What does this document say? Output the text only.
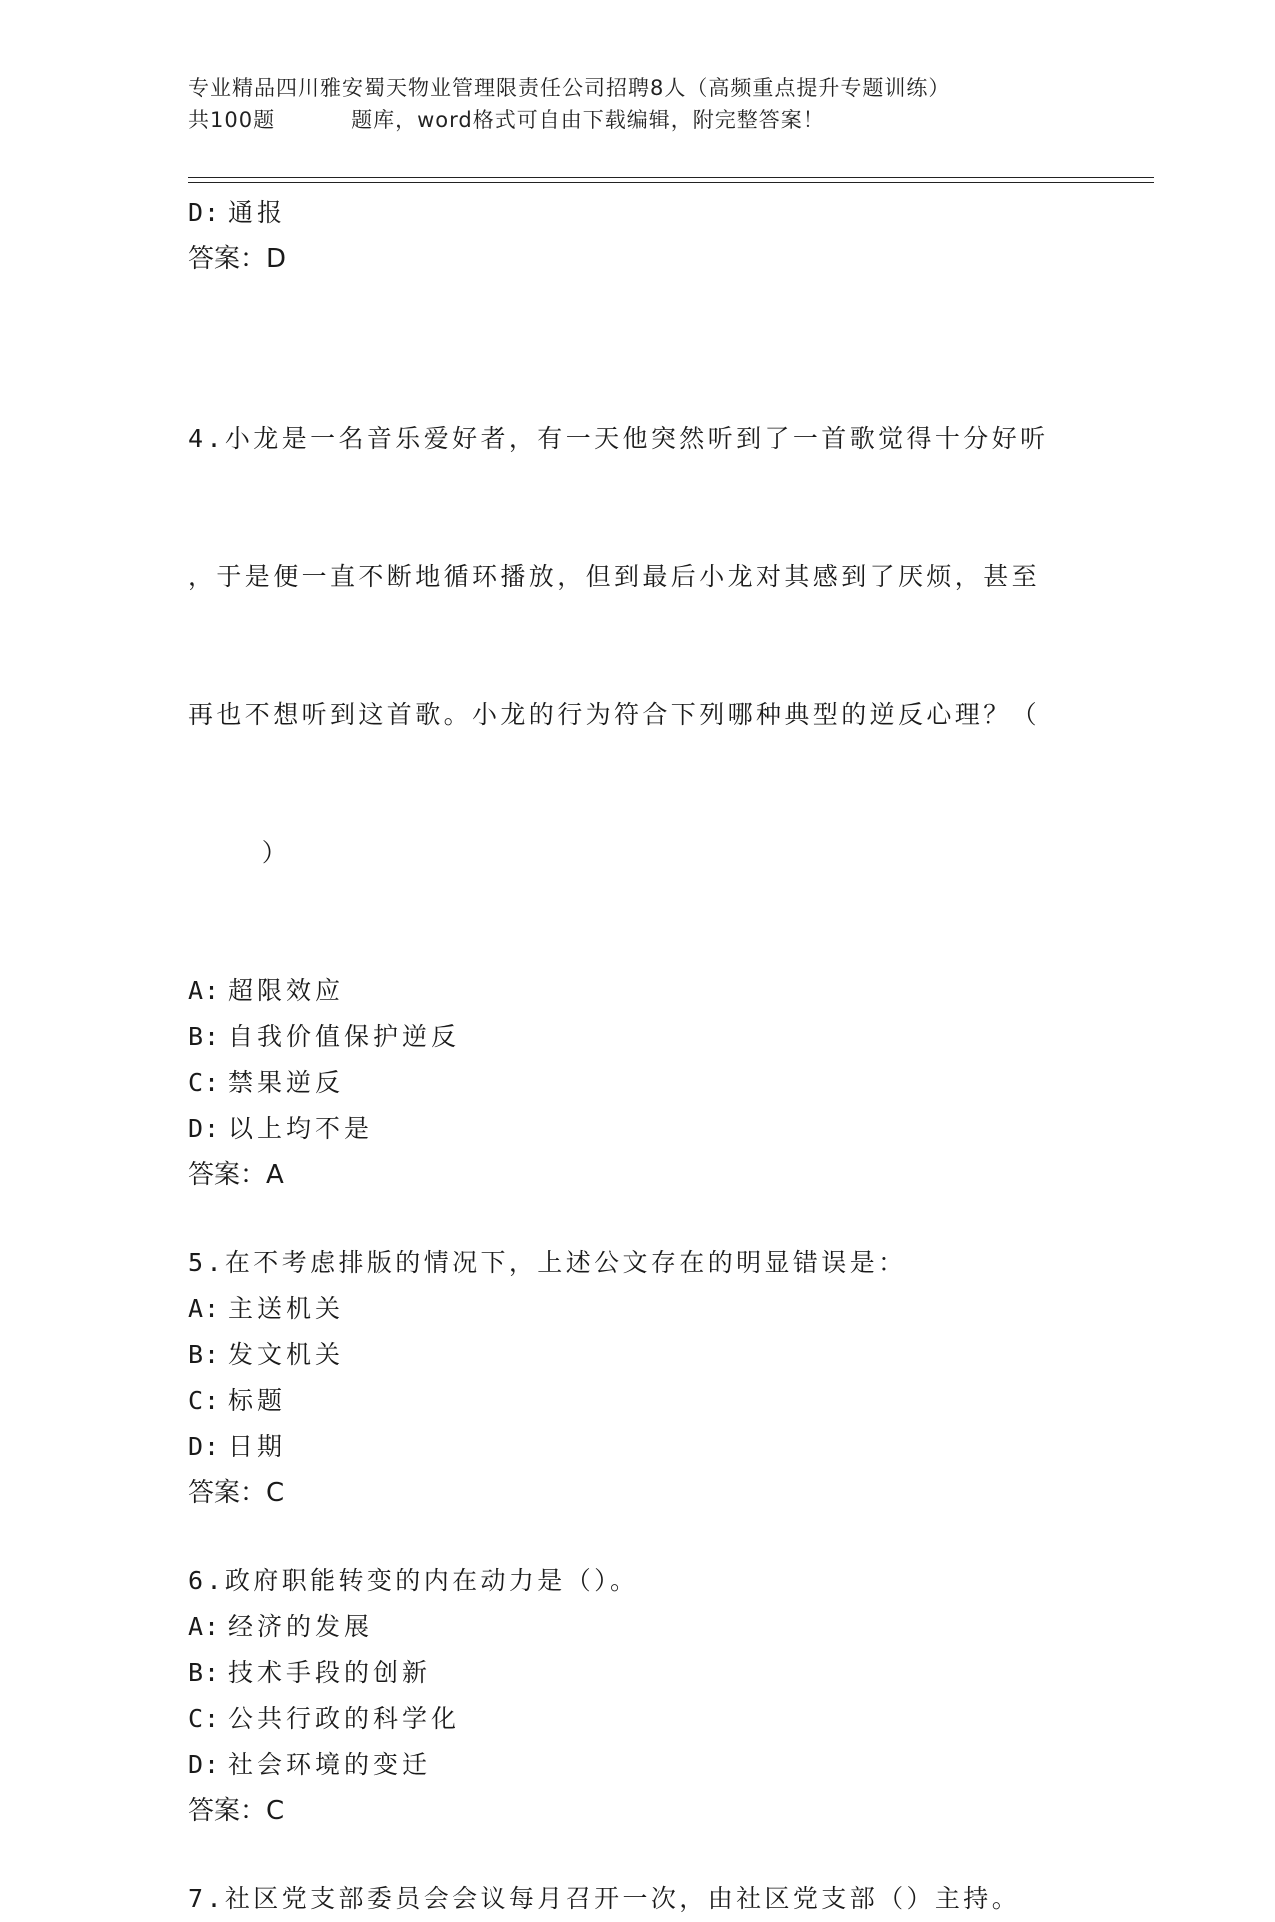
专业精品四川雅安蜀天物业管理限责任公司招聘8人（高频重点提升专题训练）
共100题	题库，word格式可自由下载编辑，附完整答案！
D: 通报
答案：D

4.小龙是一名音乐爱好者，有一天他突然听到了一首歌觉得十分好听

，于是便一直不断地循环播放，但到最后小龙对其感到了厌烦，甚至

再也不想听到这首歌。小龙的行为符合下列哪种典型的逆反心理？（

）

A: 超限效应
B: 自我价值保护逆反
C: 禁果逆反
D: 以上均不是
答案：A
5.在不考虑排版的情况下，上述公文存在的明显错误是：
A: 主送机关
B: 发文机关
C: 标题
D: 日期
答案：C
6.政府职能转变的内在动力是（）。
A: 经济的发展
B: 技术手段的创新
C: 公共行政的科学化
D: 社会环境的变迁
答案：C
7.社区党支部委员会会议每月召开一次，由社区党支部（）主持。
